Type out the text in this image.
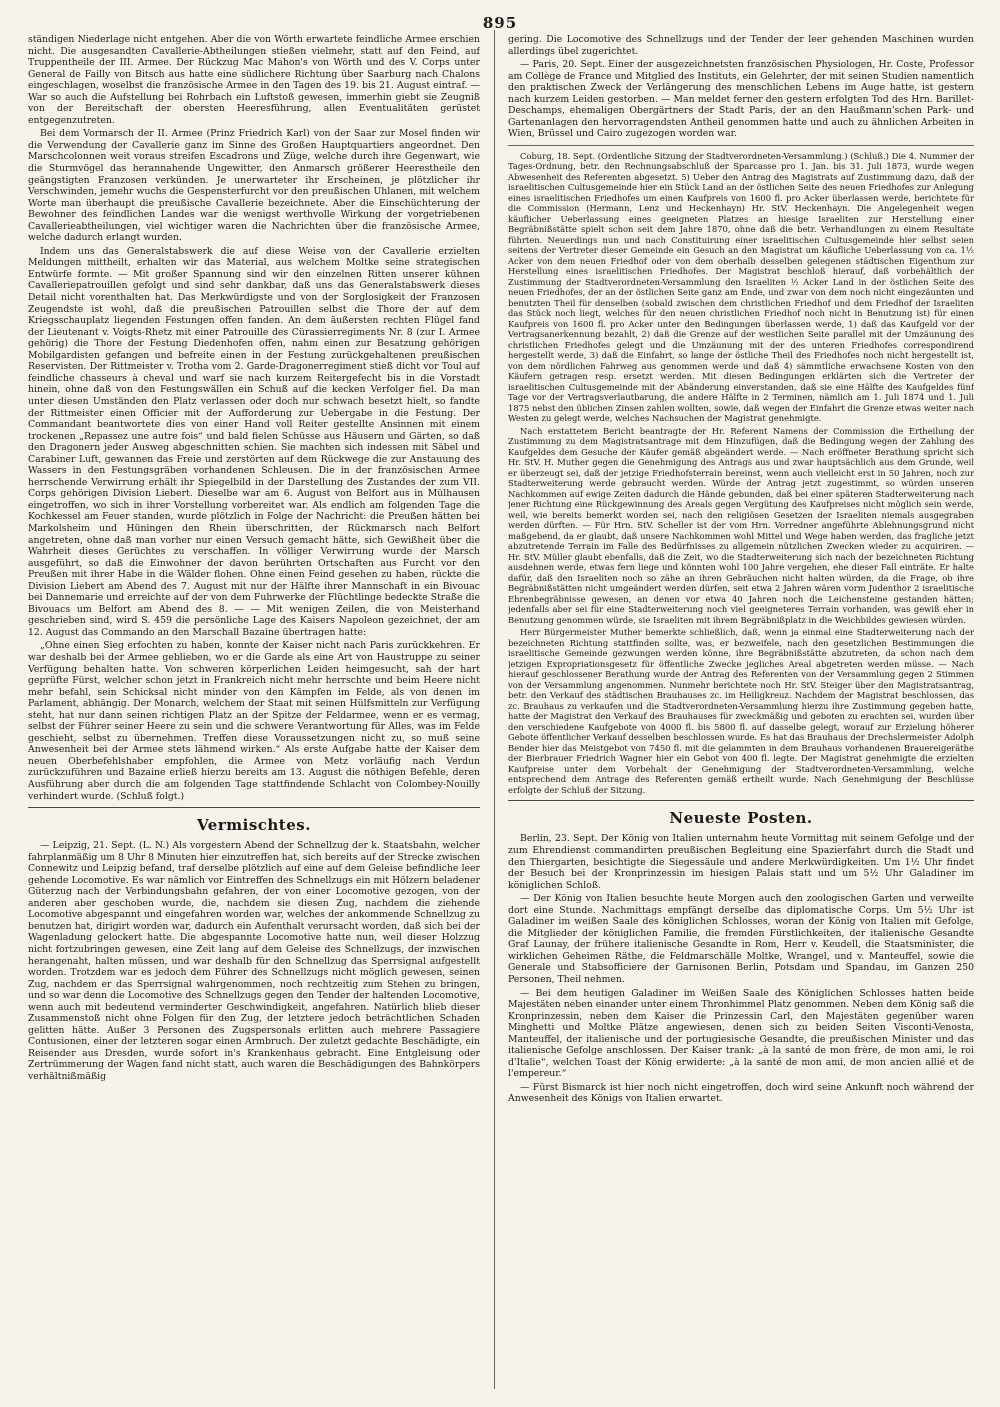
895

ständigen Niederlage nicht entgehen. Aber die von Wörth erwartete feindliche Armee erschien nicht. Die ausgesandten Cavallerie-Abtheilungen stießen vielmehr, statt auf den Feind, auf Truppentheile der III. Armee. Der Rückzug Mac Mahon's von Wörth und des V. Corps unter General de Failly von Bitsch aus hatte eine südlichere Richtung über Saarburg nach Chalons eingeschlagen, woselbst die französische Armee in den Tagen des 19. bis 21. August eintraf. — War so auch die Aufstellung bei Rohrbach ein Luftstoß gewesen, immerhin giebt sie Zeugniß von der Bereitschaft der obersten Heeresführung, allen Eventualitäten gerüstet entgegenzutreten.

Bei dem Vormarsch der II. Armee (Prinz Friedrich Karl) von der Saar zur Mosel finden wir die Verwendung der Cavallerie ganz im Sinne des Großen Hauptquartiers angeordnet. Den Marschcolonnen weit voraus streifen Escadrons und Züge, welche durch ihre Gegenwart, wie die Sturmvögel das herannahende Ungewitter, den Anmarsch größerer Heerestheile den geängstigten Franzosen verkünden. Je unerwarteter ihr Erscheinen, je plötzlicher ihr Verschwinden, jemehr wuchs die Gespensterfurcht vor den preußischen Uhlanen, mit welchem Worte man überhaupt die preußische Cavallerie bezeichnete. Aber die Einschüchterung der Bewohner des feindlichen Landes war die wenigst werthvolle Wirkung der vorgetriebenen Cavallerieabtheilungen, viel wichtiger waren die Nachrichten über die französische Armee, welche dadurch erlangt wurden.

Indem uns das Generalstabswerk die auf diese Weise von der Cavallerie erzielten Meldungen mittheilt, erhalten wir das Material, aus welchem Moltke seine strategischen Entwürfe formte. — Mit großer Spannung sind wir den einzelnen Ritten unserer kühnen Cavalleriepatrouillen gefolgt und sind sehr dankbar, daß uns das Generalstabswerk dieses Detail nicht vorenthalten hat. Das Merkwürdigste und von der Sorglosigkeit der Franzosen Zeugendste ist wohl, daß die preußischen Patrouillen selbst die Thore der auf dem Kriegsschauplatz liegenden Festungen offen fanden. An dem äußersten rechten Flügel fand der Lieutenant v. Voigts-Rhetz mit einer Patrouille des Cürassierregiments Nr. 8 (zur I. Armee gehörig) die Thore der Festung Diedenhofen offen, nahm einen zur Besatzung gehörigen Mobilgardisten gefangen und befreite einen in der Festung zurückgehaltenen preußischen Reservisten. Der Rittmeister v. Trotha vom 2. Garde-Dragonerregiment stieß dicht vor Toul auf feindliche chasseurs à cheval und warf sie nach kurzem Reitergefecht bis in die Vorstadt hinein, ohne daß von den Festungswällen ein Schuß auf die kecken Verfolger fiel. Da man unter diesen Umständen den Platz verlassen oder doch nur schwach besetzt hielt, so fandte der Rittmeister einen Officier mit der Aufforderung zur Uebergabe in die Festung. Der Commandant beantwortete dies von einer Hand voll Reiter gestellte Ansinnen mit einem trockenen „Repassez une autre fois“ und bald fielen Schüsse aus Häusern und Gärten, so daß den Dragonern jeder Ausweg abgeschnitten schien. Sie machten sich indessen mit Säbel und Carabiner Luft, gewannen das Freie und zerstörten auf dem Rückwege die zur Anstauung des Wassers in den Festungsgräben vorhandenen Schleusen. Die in der französischen Armee herrschende Verwirrung erhält ihr Spiegelbild in der Darstellung des Zustandes der zum VII. Corps gehörigen Division Liebert. Dieselbe war am 6. August von Belfort aus in Mülhausen eingetroffen, wo sich in ihrer Vorstellung vorbereitet war. Als endlich am folgenden Tage die Kochkessel am Feuer standen, wurde plötzlich in Folge der Nachricht: die Preußen hätten bei Markolsheim und Hüningen den Rhein überschritten, der Rückmarsch nach Belfort angetreten, ohne daß man vorher nur einen Versuch gemacht hätte, sich Gewißheit über die Wahrheit dieses Gerüchtes zu verschaffen. In völliger Verwirrung wurde der Marsch ausgeführt, so daß die Einwohner der davon berührten Ortschaften aus Furcht vor den Preußen mit ihrer Habe in die Wälder flohen. Ohne einen Feind gesehen zu haben, rückte die Division Liebert am Abend des 7. August mit nur der Hälfte ihrer Mannschaft in ein Bivouac bei Dannemarie und erreichte auf der von dem Fuhrwerke der Flüchtlinge bedeckte Straße die Bivouacs um Belfort am Abend des 8. — — Mit wenigen Zeilen, die von Meisterhand geschrieben sind, wird S. 459 die persönliche Lage des Kaisers Napoleon gezeichnet, der am 12. August das Commando an den Marschall Bazaine übertragen hatte:

„Ohne einen Sieg erfochten zu haben, konnte der Kaiser nicht nach Paris zurückkehren. Er war deshalb bei der Armee geblieben, wo er die Garde als eine Art von Haustruppe zu seiner Verfügung behalten hatte. Von schweren körperlichen Leiden heimgesucht, sah der hart geprüfte Fürst, welcher schon jetzt in Frankreich nicht mehr herrschte und beim Heere nicht mehr befahl, sein Schicksal nicht minder von den Kämpfen im Felde, als von denen im Parlament, abhängig. Der Monarch, welchem der Staat mit seinen Hülfsmitteln zur Verfügung steht, hat nur dann seinen richtigen Platz an der Spitze der Feldarmee, wenn er es vermag, selbst der Führer seiner Heere zu sein und die schwere Verantwortung für Alles, was im Felde geschieht, selbst zu übernehmen. Treffen diese Voraussetzungen nicht zu, so muß seine Anwesenheit bei der Armee stets lähmend wirken.“ Als erste Aufgabe hatte der Kaiser dem neuen Oberbefehlshaber empfohlen, die Armee von Metz vorläufig nach Verdun zurückzuführen und Bazaine erließ hierzu bereits am 13. August die nöthigen Befehle, deren Ausführung aber durch die am folgenden Tage stattfindende Schlacht von Colombey-Nouilly verhindert wurde. (Schluß folgt.)

Vermischtes.

— Leipzig, 21. Sept. (L. N.) Als vorgestern Abend der Schnellzug der k. Staatsbahn, welcher fahrplanmäßig um 8 Uhr 8 Minuten hier einzutreffen hat, sich bereits auf der Strecke zwischen Connewitz und Leipzig befand, traf derselbe plötzlich auf eine auf dem Geleise befindliche leer gehende Locomotive. Es war nämlich vor Eintreffen des Schnellzugs ein mit Hölzern beladener Güterzug nach der Verbindungsbahn gefahren, der von einer Locomotive gezogen, von der anderen aber geschoben wurde, die, nachdem sie diesen Zug, nachdem die ziehende Locomotive abgespannt und eingefahren worden war, welches der ankommende Schnellzug zu benutzen hat, dirigirt worden war, dadurch ein Aufenthalt verursacht worden, daß sich bei der Wagenladung gelockert hatte. Die abgespannte Locomotive hatte nun, weil dieser Holzzug nicht fortzubringen gewesen, eine Zeit lang auf dem Geleise des Schnellzugs, der inzwischen herangenaht, halten müssen, und war deshalb für den Schnellzug das Sperrsignal aufgestellt worden. Trotzdem war es jedoch dem Führer des Schnellzugs nicht möglich gewesen, seinen Zug, nachdem er das Sperrsignal wahrgenommen, noch rechtzeitig zum Stehen zu bringen, und so war denn die Locomotive des Schnellzugs gegen den Tender der haltenden Locomotive, wenn auch mit bedeutend verminderter Geschwindigkeit, angefahren. Natürlich blieb dieser Zusammenstoß nicht ohne Folgen für den Zug, der letztere jedoch beträchtlichen Schaden gelitten hätte. Außer 3 Personen des Zugspersonals erlitten auch mehrere Passagiere Contusionen, einer der letzteren sogar einen Armbruch. Der zuletzt gedachte Beschädigte, ein Reisender aus Dresden, wurde sofort in's Krankenhaus gebracht. Eine Entgleisung oder Zertrümmerung der Wagen fand nicht statt, auch waren die Beschädigungen des Bahnkörpers verhältnißmäßig

gering. Die Locomotive des Schnellzugs und der Tender der leer gehenden Maschinen wurden allerdings übel zugerichtet.

— Paris, 20. Sept. Einer der ausgezeichnetsten französischen Physiologen, Hr. Coste, Professor am Collège de France und Mitglied des Instituts, ein Gelehrter, der mit seinen Studien namentlich den praktischen Zweck der Verlängerung des menschlichen Lebens im Auge hatte, ist gestern nach kurzem Leiden gestorben. — Man meldet ferner den gestern erfolgten Tod des Hrn. Barillet-Deschamps, ehemaligen Obergärtners der Stadt Paris, der an den Haußmann'schen Park- und Gartenanlagen den hervorragendsten Antheil genommen hatte und auch zu ähnlichen Arbeiten in Wien, Brüssel und Cairo zugezogen worden war.

Coburg, 18. Sept. (Ordentliche Sitzung der Stadtverordneten-Versammlung.) (Schluß.) Die 4. Nummer der Tages-Ordnung, betr. den Rechnungsabschluß der Sparcasse pro 1. Jan. bis 31. Juli 1873, wurde wegen Abwesenheit des Referenten abgesetzt. 5) Ueber den Antrag des Magistrats auf Zustimmung dazu, daß der israelitischen Cultusgemeinde hier ein Stück Land an der östlichen Seite des neuen Friedhofes zur Anlegung eines israelitischen Friedhofes um einen Kaufpreis von 1600 fl. pro Acker überlassen werde, berichtete für die Commission (Hermann, Lenz und Heckenhayn) Hr. StV. Heckenhayn. Die Angelegenheit wegen käuflicher Ueberlassung eines geeigneten Platzes an hiesige Israeliten zur Herstellung einer Begräbnißstätte spielt schon seit dem Jahre 1870, ohne daß die betr. Verhandlungen zu einem Resultate führten. Neuerdings nun und nach Constituirung einer israelitischen Cultusgemeinde hier selbst seien seitens der Vertreter dieser Gemeinde ein Gesuch an den Magistrat um käufliche Ueberlassung von ca. 1½ Acker von dem neuen Friedhof oder von dem oberhalb desselben gelegenen städtischen Eigenthum zur Herstellung eines israelitischen Friedhofes. Der Magistrat beschloß hierauf, daß vorbehältlich der Zustimmung der Stadtverordneten-Versammlung den Israeliten ½ Acker Land in der östlichen Seite des neuen Friedhofes, der an der östlichen Seite ganz am Ende, und zwar von dem noch nicht eingezäunten und benutzten Theil für denselben (sobald zwischen dem christlichen Friedhof und dem Friedhof der Israeliten das Stück noch liegt, welches für den neuen christlichen Friedhof noch nicht in Benutzung ist) für einen Kaufpreis von 1600 fl. pro Acker unter den Bedingungen überlassen werde, 1) daß das Kaufgeld vor der Vertragsanerkennung bezahlt, 2) daß die Grenze auf der westlichen Seite parallel mit der Umzäunung des christlichen Friedhofes gelegt und die Umzäunung mit der des unteren Friedhofes correspondirend hergestellt werde, 3) daß die Einfahrt, so lange der östliche Theil des Friedhofes noch nicht hergestellt ist, von dem nördlichen Fahrweg aus genommen werde und daß 4) sämmtliche erwachsene Kosten von den Käufern getragen resp. ersetzt werden. Mit diesen Bedingungen erklärten sich die Vertreter der israelitischen Cultusgemeinde mit der Abänderung einverstanden, daß sie eine Hälfte des Kaufgeldes fünf Tage vor der Vertragsverlautbarung, die andere Hälfte in 2 Terminen, nämlich am 1. Juli 1874 und 1. Juli 1875 nebst den üblichen Zinsen zahlen wollten, sowie, daß wegen der Einfahrt die Grenze etwas weiter nach Westen zu gelegt werde, welches Nachsuchen der Magistrat genehmigte.

Nach erstattetem Bericht beantragte der Hr. Referent Namens der Commission die Ertheilung der Zustimmung zu dem Magistratsantrage mit dem Hinzufügen, daß die Bedingung wegen der Zahlung des Kaufgeldes dem Gesuche der Käufer gemäß abgeändert werde. — Nach eröffneter Berathung spricht sich Hr. StV. H. Muther gegen die Genehmigung des Antrags aus und zwar hauptsächlich aus dem Grunde, weil er überzeugt sei, daß der jetzige Friedhofsterrain bereinst, wenn auch vielleicht erst in 50 Jahren, noch zur Stadterweiterung werde gebraucht werden. Würde der Antrag jetzt zugestimmt, so würden unseren Nachkommen auf ewige Zeiten dadurch die Hände gebunden, daß bei einer späteren Stadterweiterung nach jener Richtung eine Rückgewinnung des Areals gegen Vergütung des Kaufpreises nicht möglich sein werde, weil, wie bereits bemerkt worden sei, nach den religiösen Gesetzen der Israeliten niemals ausgegraben werden dürften. — Für Hrn. StV. Scheller ist der vom Hrn. Vorredner angeführte Ablehnungsgrund nicht maßgebend, da er glaubt, daß unsere Nachkommen wohl Mittel und Wege haben werden, das fragliche jetzt abzutretende Terrain im Falle des Bedürfnisses zu allgemein nützlichen Zwecken wieder zu acquiriren. — Hr. StV. Müller glaubt ebenfalls, daß die Zeit, wo die Stadterweiterung sich nach der bezeichneten Richtung ausdehnen werde, etwas fern liege und könnten wohl 100 Jahre vergehen, ehe dieser Fall einträte. Er halte dafür, daß den Israeliten noch so zähe an ihren Gebräuchen nicht halten würden, da die Frage, ob ihre Begräbnißstätten nicht umgeändert werden dürfen, seit etwa 2 Jahren wären vorm Judenthor 2 israelitische Ehrenbegräbnisse gewesen, an denen vor etwa 40 Jahren noch die Leichensteine gestanden hätten; jedenfalls aber sei für eine Stadterweiterung noch viel geeigneteres Terrain vorhanden, was gewiß eher in Benutzung genommen würde, sie Israeliten mit ihrem Begräbnißplatz in die Weichbildes gewiesen würden.

Herr Bürgermeister Muther bemerkte schließlich, daß, wenn ja einmal eine Stadterweiterung nach der bezeichneten Richtung stattfinden sollte, was, er bezweifele, nach den gesetzlichen Bestimmungen die israelitische Gemeinde gezwungen werden könne, ihre Begräbnißstätte abzutreten, da schon nach dem jetzigen Expropriationsgesetz für öffentliche Zwecke jegliches Areal abgetreten werden müsse. — Nach hierauf geschlossener Berathung wurde der Antrag des Referenten von der Versammlung gegen 2 Stimmen von der Versammlung angenommen. Nunmehr berichtete noch Hr. StV. Steiger über den Magistratsantrag, betr. den Verkauf des städtischen Brauhauses zc. im Heiligkreuz. Nachdem der Magistrat beschlossen, das zc. Brauhaus zu verkaufen und die Stadtverordneten-Versammlung hierzu ihre Zustimmung gegeben hatte, hatte der Magistrat den Verkauf des Brauhauses für zweckmäßig und geboten zu erachten sei, wurden über den verschiedene Kaufgebote von 4000 fl. bis 5800 fl. auf dasselbe gelegt, worauf zur Erzielung höherer Gebote öffentlicher Verkauf desselben beschlossen wurde. Es hat das Brauhaus der Drechslermeister Adolph Bender hier das Meistgebot von 7450 fl. mit die gelammten in dem Brauhaus vorhandenen Brauereigeräthe der Bierbrauer Friedrich Wagner hier ein Gebot von 400 fl. legte. Der Magistrat genehmigte die erzielten Kaufpreise unter dem Vorbehalt der Genehmigung der Stadtverordneten-Versammlung, welche entsprechend dem Antrage des Referenten gemäß ertheilt wurde. Nach Genehmigung der Beschlüsse erfolgte der Schluß der Sitzung.

Neueste Posten.

Berlin, 23. Sept. Der König von Italien unternahm heute Vormittag mit seinem Gefolge und der zum Ehrendienst commandirten preußischen Begleitung eine Spazierfahrt durch die Stadt und den Thiergarten, besichtigte die Siegessäule und andere Merkwürdigkeiten. Um 1½ Uhr findet der Besuch bei der Kronprinzessin im hiesigen Palais statt und um 5½ Uhr Galadiner im königlichen Schloß.

— Der König von Italien besuchte heute Morgen auch den zoologischen Garten und verweilte dort eine Stunde. Nachmittags empfängt derselbe das diplomatische Corps. Um 5½ Uhr ist Galadiner im weißen Saale des königlichen Schlosses, woran der König von Italien mit Gefolge, die Mitglieder der königlichen Familie, die fremden Fürstlichkeiten, der italienische Gesandte Graf Launay, der frühere italienische Gesandte in Rom, Herr v. Keudell, die Staatsminister, die wirklichen Geheimen Räthe, die Feldmarschälle Moltke, Wrangel, und v. Manteuffel, sowie die Generale und Stabsofficiere der Garnisonen Berlin, Potsdam und Spandau, im Ganzen 250 Personen, Theil nehmen.

— Bei dem heutigen Galadiner im Weißen Saale des Königlichen Schlosses hatten beide Majestäten neben einander unter einem Thronhimmel Platz genommen. Neben dem König saß die Kronprinzessin, neben dem Kaiser die Prinzessin Carl, den Majestäten gegenüber waren Minghetti und Moltke Plätze angewiesen, denen sich zu beiden Seiten Visconti-Venosta, Manteuffel, der italienische und der portugiesische Gesandte, die preußischen Minister und das italienische Gefolge anschlossen. Der Kaiser trank: „à la santé de mon frère, de mon ami, le roi d'Italie“, welchen Toast der König erwiderte: „à la santé de mon ami, de mon ancien allié et de l'empereur.“

— Fürst Bismarck ist hier noch nicht eingetroffen, doch wird seine Ankunft noch während der Anwesenheit des Königs von Italien erwartet.
